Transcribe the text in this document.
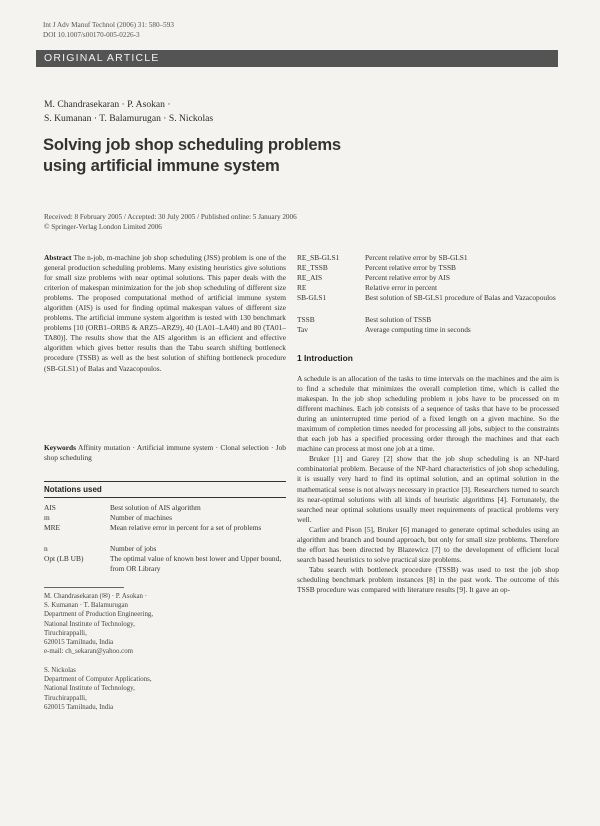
Int J Adv Manuf Technol (2006) 31: 580–593
DOI 10.1007/s00170-005-0226-3
ORIGINAL ARTICLE
M. Chandrasekaran · P. Asokan ·
S. Kumanan · T. Balamurugan · S. Nickolas
Solving job shop scheduling problems
using artificial immune system
Received: 8 February 2005 / Accepted: 30 July 2005 / Published online: 5 January 2006
© Springer-Verlag London Limited 2006
Abstract The n-job, m-machine job shop scheduling (JSS) problem is one of the general production scheduling problems. Many existing heuristics give solutions for small size problems with near optimal solutions. This paper deals with the criterion of makespan minimization for the job shop scheduling of different size problems. The proposed computational method of artificial immune system algorithm (AIS) is used for finding optimal makespan values of different size problems. The artificial immune system algorithm is tested with 130 benchmark problems [10 (ORB1–ORB5 & ARZ5–ARZ9), 40 (LA01–LA40) and 80 (TA01–TA80)]. The results show that the AIS algorithm is an efficient and effective algorithm which gives better results than the Tabu search shifting bottleneck procedure (TSSB) as well as the best solution of shifting bottleneck procedure (SB-GLS1) of Balas and Vazacopoulos.
Keywords Affinity mutation · Artificial immune system · Clonal selection · Job shop scheduling
Notations used
AIS	Best solution of AIS algorithm
m	Number of machines
MRE	Mean relative error in percent for a set of problems
n	Number of jobs
Opt (LB UB)	The optimal value of known best lower and Upper bound, from OR Library
M. Chandrasekaran (✉) · P. Asokan ·
S. Kumanan · T. Balamurugan
Department of Production Engineering,
National Institute of Technology,
Tiruchirappalli,
620015 Tamilnadu, India
e-mail: ch_sekaran@yahoo.com
S. Nickolas
Department of Computer Applications,
National Institute of Technology,
Tiruchirappalli,
620015 Tamilnadu, India
RE_SB-GLS1	Percent relative error by SB-GLS1
RE_TSSB	Percent relative error by TSSB
RE_AIS	Percent relative error by AIS
RE	Relative error in percent
SB-GLS1	Best solution of SB-GLS1 procedure of Balas and Vazacopoulos
TSSB	Best solution of TSSB
Tav	Average computing time in seconds
1 Introduction

A schedule is an allocation of the tasks to time intervals on the machines and the aim is to find a schedule that minimizes the overall completion time, which is called the makespan. In the job shop scheduling problem n jobs have to be processed on m different machines. Each job consists of a sequence of tasks that have to be processed during an uninterrupted time period of a fixed length on a given machine. So the maximum of completion times needed for processing all jobs, subject to the constraints that each job has a specified processing order through the machines and that each machine can process at most one job at a time.

Bruker [1] and Garey [2] show that the job shop scheduling is an NP-hard combinatorial problem. Because of the NP-hard characteristics of job shop scheduling, it is usually very hard to find its optimal solution, and an optimal solution in the mathematical sense is not always necessary in practice [3]. Researchers turned to search its near-optimal solutions with all kinds of heuristic algorithms [4]. Fortunately, the searched near optimal solutions usually meet requirements of practical problems very well.

Carlier and Pison [5], Bruker [6] managed to generate optimal schedules using an algorithm and branch and bound approach, but only for small size problems. Therefore the effort has been directed by Blazewicz [7] to the development of efficient local search based heuristics to solve practical size problems.

Tabu search with bottleneck procedure (TSSB) was used to test the job shop scheduling benchmark problem instances [8] in the past work. The outcome of this TSSB procedure was compared with literature results [9]. It gave an op-
